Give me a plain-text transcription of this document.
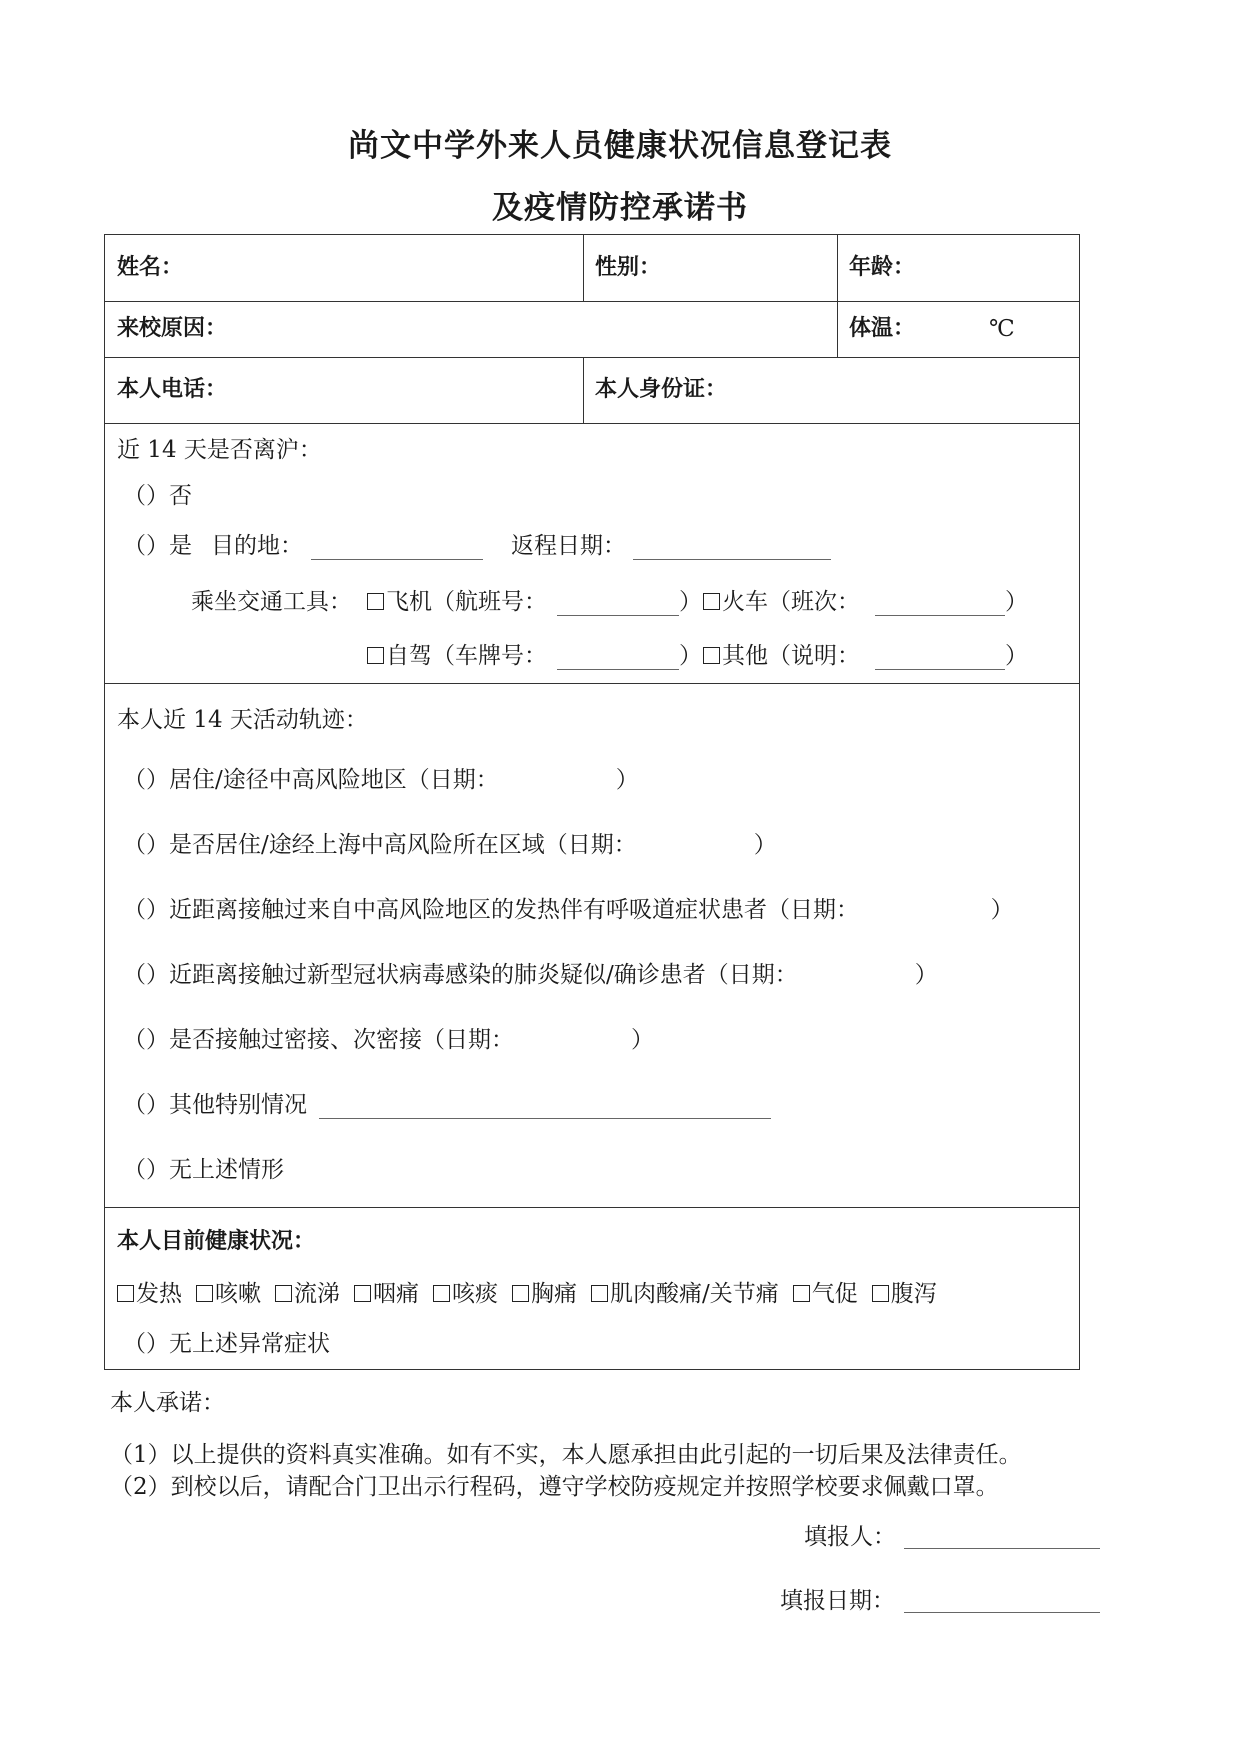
尚文中学外来人员健康状况信息登记表
及疫情防控承诺书
姓名：	性别：	年龄：
来校原因：	体温：	℃
本人电话：	本人身份证：
近 14 天是否离沪：
（）否
（）是 目的地：	返程日期：
乘坐交通工具：	飞机（航班号：	） 火车（班次：	）
自驾（车牌号：	） 其他（说明：	）
本人近 14 天活动轨迹：
（）居住/途径中高风险地区（日期：                ）
（）是否居住/途经上海中高风险所在区域（日期：                ）
（）近距离接触过来自中高风险地区的发热伴有呼吸道症状患者（日期：                  ）
（）近距离接触过新型冠状病毒感染的肺炎疑似/确诊患者（日期：                ）
（）是否接触过密接、次密接（日期：                ）
（）其他特别情况
（）无上述情形
本人目前健康状况：
发热 咳嗽 流涕 咽痛 咳痰 胸痛 肌肉酸痛/关节痛 气促 腹泻
（）无上述异常症状
本人承诺：
（1）以上提供的资料真实准确。如有不实，本人愿承担由此引起的一切后果及法律责任。
（2）到校以后，请配合门卫出示行程码，遵守学校防疫规定并按照学校要求佩戴口罩。
填报人：
填报日期：
